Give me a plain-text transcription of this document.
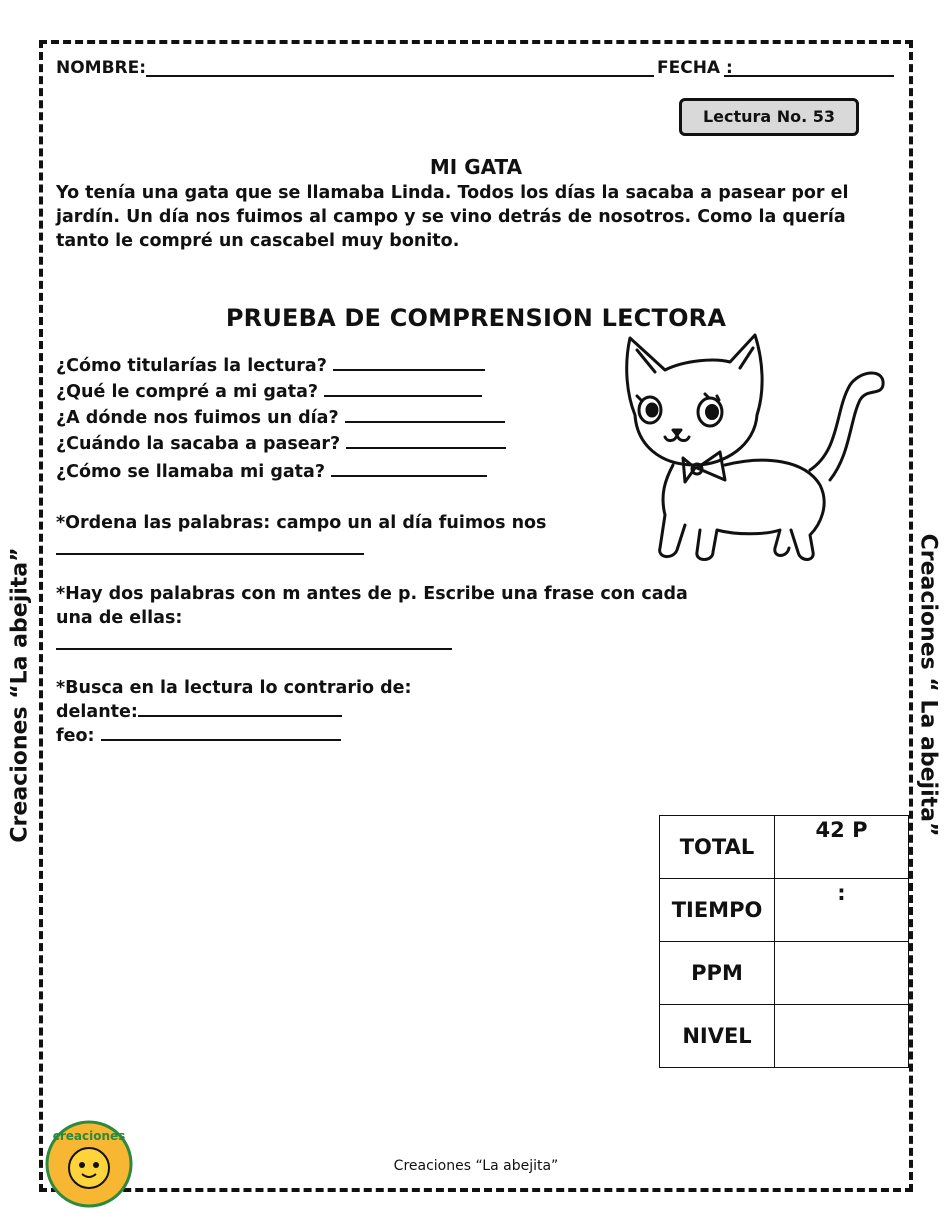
Creaciones “La abejita”	Creaciones “ La abejita”
NOMBRE:	FECHA :
Lectura No. 53
MI GATA
Yo tenía una gata que se llamaba Linda. Todos los días la sacaba a pasear por el jardín. Un día nos fuimos al campo y se vino detrás de nosotros. Como la quería tanto le compré un cascabel muy bonito.
PRUEBA DE COMPRENSION LECTORA
¿Cómo titularías la lectura?
¿Qué le compré a mi gata?
¿A dónde nos fuimos un día?
¿Cuándo la sacaba a pasear?
¿Cómo se llamaba mi gata?
*Ordena las palabras: campo un al día fuimos nos
*Hay dos palabras con m antes de p. Escribe una frase con cada
una de ellas:
*Busca en la lectura lo contrario de:
delante:
feo:
TOTAL	42 P
TIEMPO	:
PPM	
NIVEL	
creaciones
Creaciones “La abejita”
